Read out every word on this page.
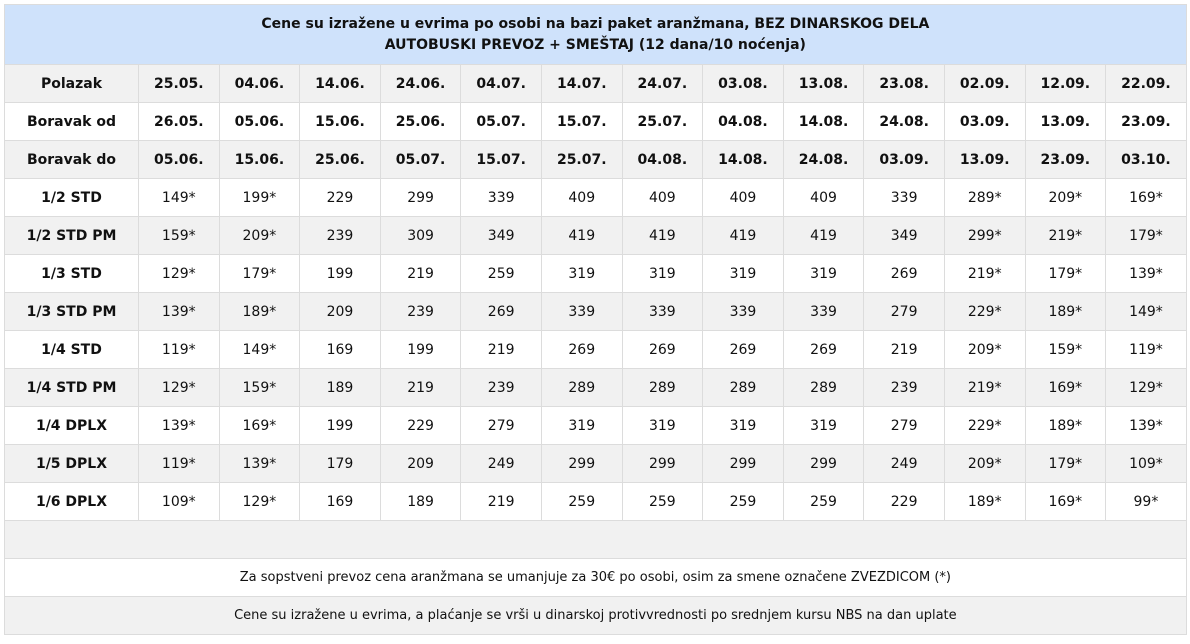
Cene su izražene u evrima po osobi na bazi paket aranžmana, BEZ DINARSKOG DELA
AUTOBUSKI PREVOZ + SMEŠTAJ (12 dana/10 noćenja)													

Polazak	25.05.	04.06.	14.06.	24.06.	04.07.	14.07.	24.07.	03.08.	13.08.	23.08.	02.09.	12.09.	22.09.
Boravak od	26.05.	05.06.	15.06.	25.06.	05.07.	15.07.	25.07.	04.08.	14.08.	24.08.	03.09.	13.09.	23.09.
Boravak do	05.06.	15.06.	25.06.	05.07.	15.07.	25.07.	04.08.	14.08.	24.08.	03.09.	13.09.	23.09.	03.10.
1/2 STD	149*	199*	229	299	339	409	409	409	409	339	289*	209*	169*
1/2 STD PM	159*	209*	239	309	349	419	419	419	419	349	299*	219*	179*
1/3 STD	129*	179*	199	219	259	319	319	319	319	269	219*	179*	139*
1/3 STD PM	139*	189*	209	239	269	339	339	339	339	279	229*	189*	149*
1/4 STD	119*	149*	169	199	219	269	269	269	269	219	209*	159*	119*
1/4 STD PM	129*	159*	189	219	239	289	289	289	289	239	219*	169*	129*
1/4 DPLX	139*	169*	199	229	279	319	319	319	319	279	229*	189*	139*
1/5 DPLX	119*	139*	179	209	249	299	299	299	299	249	209*	179*	109*
1/6 DPLX	109*	129*	169	189	219	259	259	259	259	229	189*	169*	99*

Za sopstveni prevoz cena aranžmana se umanjuje za 30€ po osobi, osim za smene označene ZVEZDICOM (*)													
Cene su izražene u evrima, a plaćanje se vrši u dinarskoj protivvrednosti po srednjem kursu NBS na dan uplate													
